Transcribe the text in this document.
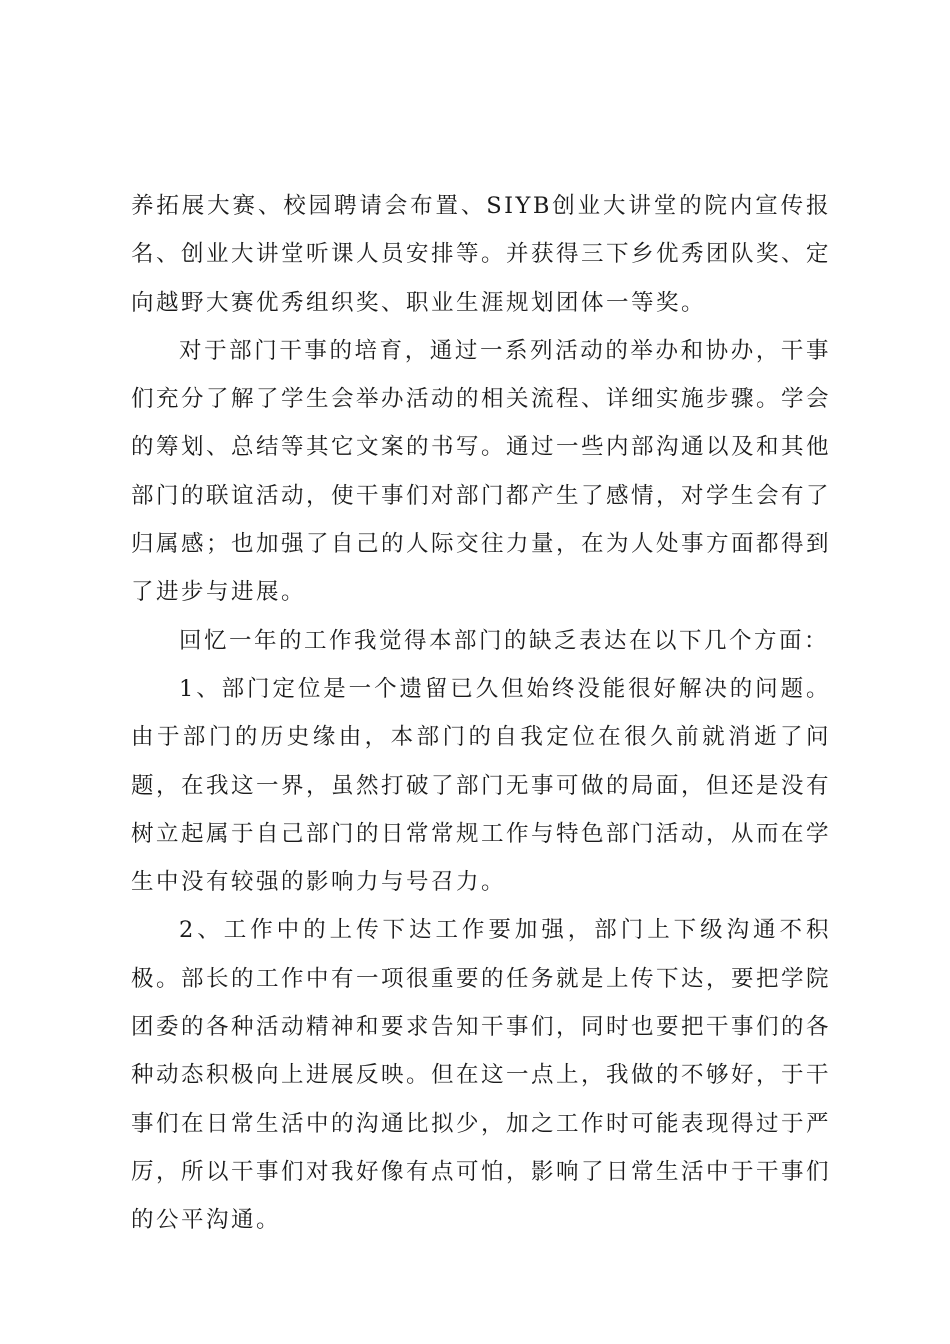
养拓展大赛、校园聘请会布置、SIYB创业大讲堂的院内宣传报名、创业大讲堂听课人员安排等。并获得三下乡优秀团队奖、定向越野大赛优秀组织奖、职业生涯规划团体一等奖。

对于部门干事的培育，通过一系列活动的举办和协办，干事们充分了解了学生会举办活动的相关流程、详细实施步骤。学会的筹划、总结等其它文案的书写。通过一些内部沟通以及和其他部门的联谊活动，使干事们对部门都产生了感情，对学生会有了归属感；也加强了自己的人际交往力量，在为人处事方面都得到了进步与进展。

回忆一年的工作我觉得本部门的缺乏表达在以下几个方面：

1、部门定位是一个遗留已久但始终没能很好解决的问题。由于部门的历史缘由，本部门的自我定位在很久前就消逝了问题，在我这一界，虽然打破了部门无事可做的局面，但还是没有树立起属于自己部门的日常常规工作与特色部门活动，从而在学生中没有较强的影响力与号召力。

2、工作中的上传下达工作要加强，部门上下级沟通不积极。部长的工作中有一项很重要的任务就是上传下达，要把学院团委的各种活动精神和要求告知干事们，同时也要把干事们的各种动态积极向上进展反映。但在这一点上，我做的不够好，于干事们在日常生活中的沟通比拟少，加之工作时可能表现得过于严厉，所以干事们对我好像有点可怕，影响了日常生活中于干事们的公平沟通。
